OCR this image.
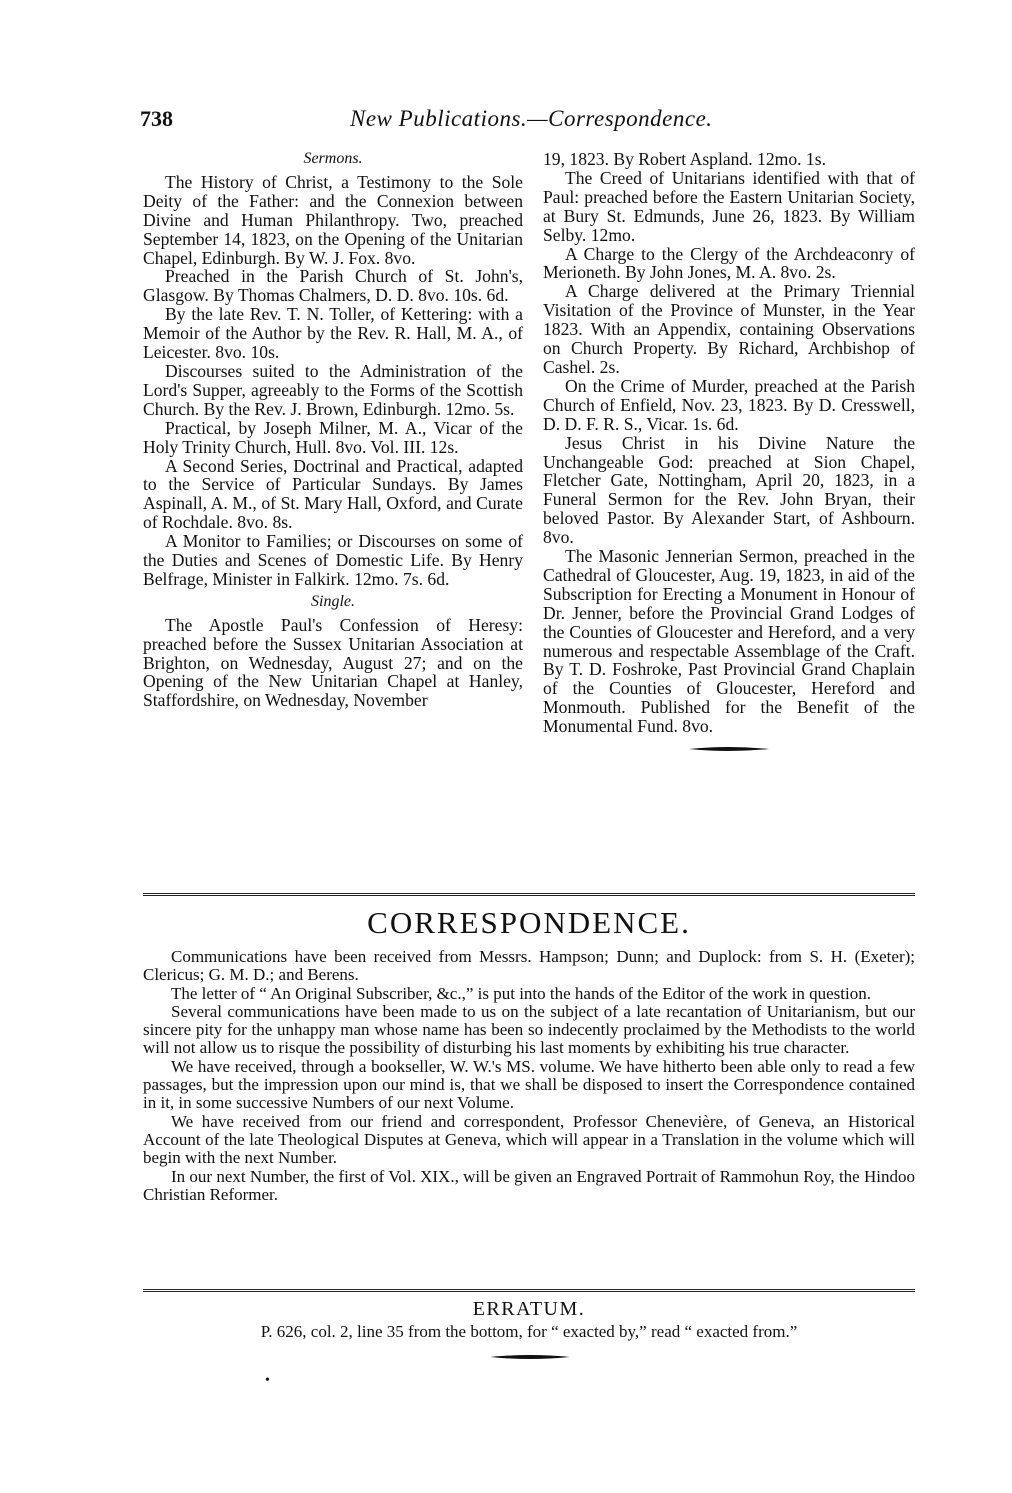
738	New Publications.—Correspondence.
Sermons.

The History of Christ, a Testimony to the Sole Deity of the Father: and the Connexion between Divine and Human Philanthropy. Two, preached September 14, 1823, on the Opening of the Unitarian Chapel, Edinburgh. By W. J. Fox. 8vo.

Preached in the Parish Church of St. John's, Glasgow. By Thomas Chalmers, D. D. 8vo. 10s. 6d.

By the late Rev. T. N. Toller, of Kettering: with a Memoir of the Author by the Rev. R. Hall, M. A., of Leicester. 8vo. 10s.

Discourses suited to the Administration of the Lord's Supper, agreeably to the Forms of the Scottish Church. By the Rev. J. Brown, Edinburgh. 12mo. 5s.

Practical, by Joseph Milner, M. A., Vicar of the Holy Trinity Church, Hull. 8vo. Vol. III. 12s.

A Second Series, Doctrinal and Practical, adapted to the Service of Particular Sundays. By James Aspinall, A. M., of St. Mary Hall, Oxford, and Curate of Rochdale. 8vo. 8s.

A Monitor to Families; or Discourses on some of the Duties and Scenes of Domestic Life. By Henry Belfrage, Minister in Falkirk. 12mo. 7s. 6d.

Single.

The Apostle Paul's Confession of Heresy: preached before the Sussex Unitarian Association at Brighton, on Wednesday, August 27; and on the Opening of the New Unitarian Chapel at Hanley, Staffordshire, on Wednesday, November

19, 1823. By Robert Aspland. 12mo. 1s.

The Creed of Unitarians identified with that of Paul: preached before the Eastern Unitarian Society, at Bury St. Edmunds, June 26, 1823. By William Selby. 12mo.

A Charge to the Clergy of the Archdeaconry of Merioneth. By John Jones, M. A. 8vo. 2s.

A Charge delivered at the Primary Triennial Visitation of the Province of Munster, in the Year 1823. With an Appendix, containing Observations on Church Property. By Richard, Archbishop of Cashel. 2s.

On the Crime of Murder, preached at the Parish Church of Enfield, Nov. 23, 1823. By D. Cresswell, D. D. F. R. S., Vicar. 1s. 6d.

Jesus Christ in his Divine Nature the Unchangeable God: preached at Sion Chapel, Fletcher Gate, Nottingham, April 20, 1823, in a Funeral Sermon for the Rev. John Bryan, their beloved Pastor. By Alexander Start, of Ashbourn. 8vo.

The Masonic Jennerian Sermon, preached in the Cathedral of Gloucester, Aug. 19, 1823, in aid of the Subscription for Erecting a Monument in Honour of Dr. Jenner, before the Provincial Grand Lodges of the Counties of Gloucester and Hereford, and a very numerous and respectable Assemblage of the Craft. By T. D. Foshroke, Past Provincial Grand Chaplain of the Counties of Gloucester, Hereford and Monmouth. Published for the Benefit of the Monumental Fund. 8vo.

CORRESPONDENCE.

Communications have been received from Messrs. Hampson; Dunn; and Duplock: from S. H. (Exeter); Clericus; G. M. D.; and Berens.

The letter of “ An Original Subscriber, &c.,” is put into the hands of the Editor of the work in question.

Several communications have been made to us on the subject of a late recantation of Unitarianism, but our sincere pity for the unhappy man whose name has been so indecently proclaimed by the Methodists to the world will not allow us to risque the possibility of disturbing his last moments by exhibiting his true character.

We have received, through a bookseller, W. W.'s MS. volume. We have hitherto been able only to read a few passages, but the impression upon our mind is, that we shall be disposed to insert the Correspondence contained in it, in some successive Numbers of our next Volume.

We have received from our friend and correspondent, Professor Chenevière, of Geneva, an Historical Account of the late Theological Disputes at Geneva, which will appear in a Translation in the volume which will begin with the next Number.

In our next Number, the first of Vol. XIX., will be given an Engraved Portrait of Rammohun Roy, the Hindoo Christian Reformer.

ERRATUM.
P. 626, col. 2, line 35 from the bottom, for “ exacted by,” read “ exacted from.”
•
